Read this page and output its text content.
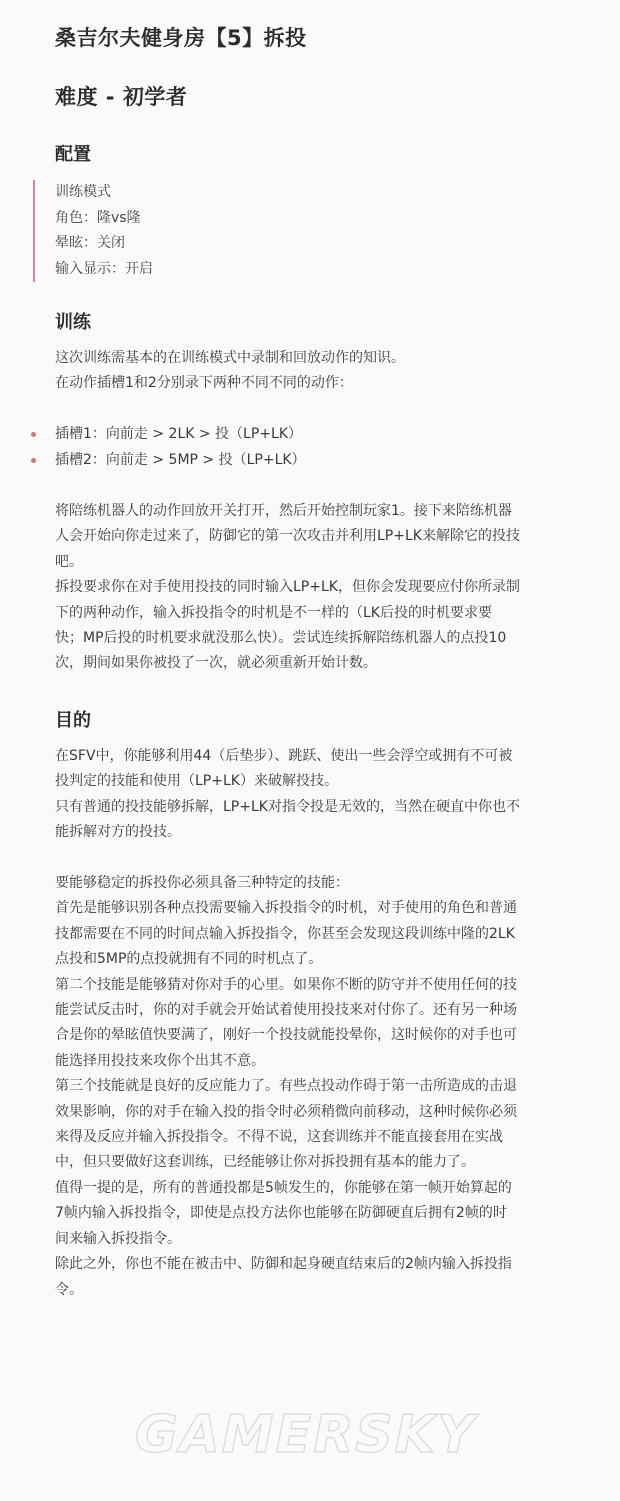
桑吉尔夫健身房【5】拆投
难度 - 初学者
配置
训练模式
角色：隆vs隆
晕眩：关闭
输入显示：开启
训练
这次训练需基本的在训练模式中录制和回放动作的知识。
在动作插槽1和2分别录下两种不同不同的动作：
插槽1：向前走 > 2LK > 投（LP+LK）
插槽2：向前走 > 5MP > 投（LP+LK）
将陪练机器人的动作回放开关打开，然后开始控制玩家1。接下来陪练机器
人会开始向你走过来了，防御它的第一次攻击并利用LP+LK来解除它的投技
吧。
拆投要求你在对手使用投技的同时输入LP+LK，但你会发现要应付你所录制
下的两种动作，输入拆投指令的时机是不一样的（LK后投的时机要求要
快；MP后投的时机要求就没那么快）。尝试连续拆解陪练机器人的点投10
次，期间如果你被投了一次，就必须重新开始计数。
目的
在SFV中，你能够利用44（后垫步）、跳跃、使出一些会浮空或拥有不可被
投判定的技能和使用（LP+LK）来破解投技。
只有普通的投技能够拆解，LP+LK对指令投是无效的，当然在硬直中你也不
能拆解对方的投技。
要能够稳定的拆投你必须具备三种特定的技能：
首先是能够识别各种点投需要输入拆投指令的时机，对手使用的角色和普通
技都需要在不同的时间点输入拆投指令，你甚至会发现这段训练中隆的2LK
点投和5MP的点投就拥有不同的时机点了。
第二个技能是能够猜对你对手的心里。如果你不断的防守并不使用任何的技
能尝试反击时，你的对手就会开始试着使用投技来对付你了。还有另一种场
合是你的晕眩值快要满了，刚好一个投技就能投晕你，这时候你的对手也可
能选择用投技来攻你个出其不意。
第三个技能就是良好的反应能力了。有些点投动作碍于第一击所造成的击退
效果影响，你的对手在输入投的指令时必须稍微向前移动，这种时候你必须
来得及反应并输入拆投指令。不得不说，这套训练并不能直接套用在实战
中，但只要做好这套训练，已经能够让你对拆投拥有基本的能力了。
值得一提的是，所有的普通投都是5帧发生的，你能够在第一帧开始算起的
7帧内输入拆投指令，即使是点投方法你也能够在防御硬直后拥有2帧的时
间来输入拆投指令。
除此之外，你也不能在被击中、防御和起身硬直结束后的2帧内输入拆投指
令。
GAMERSKY
